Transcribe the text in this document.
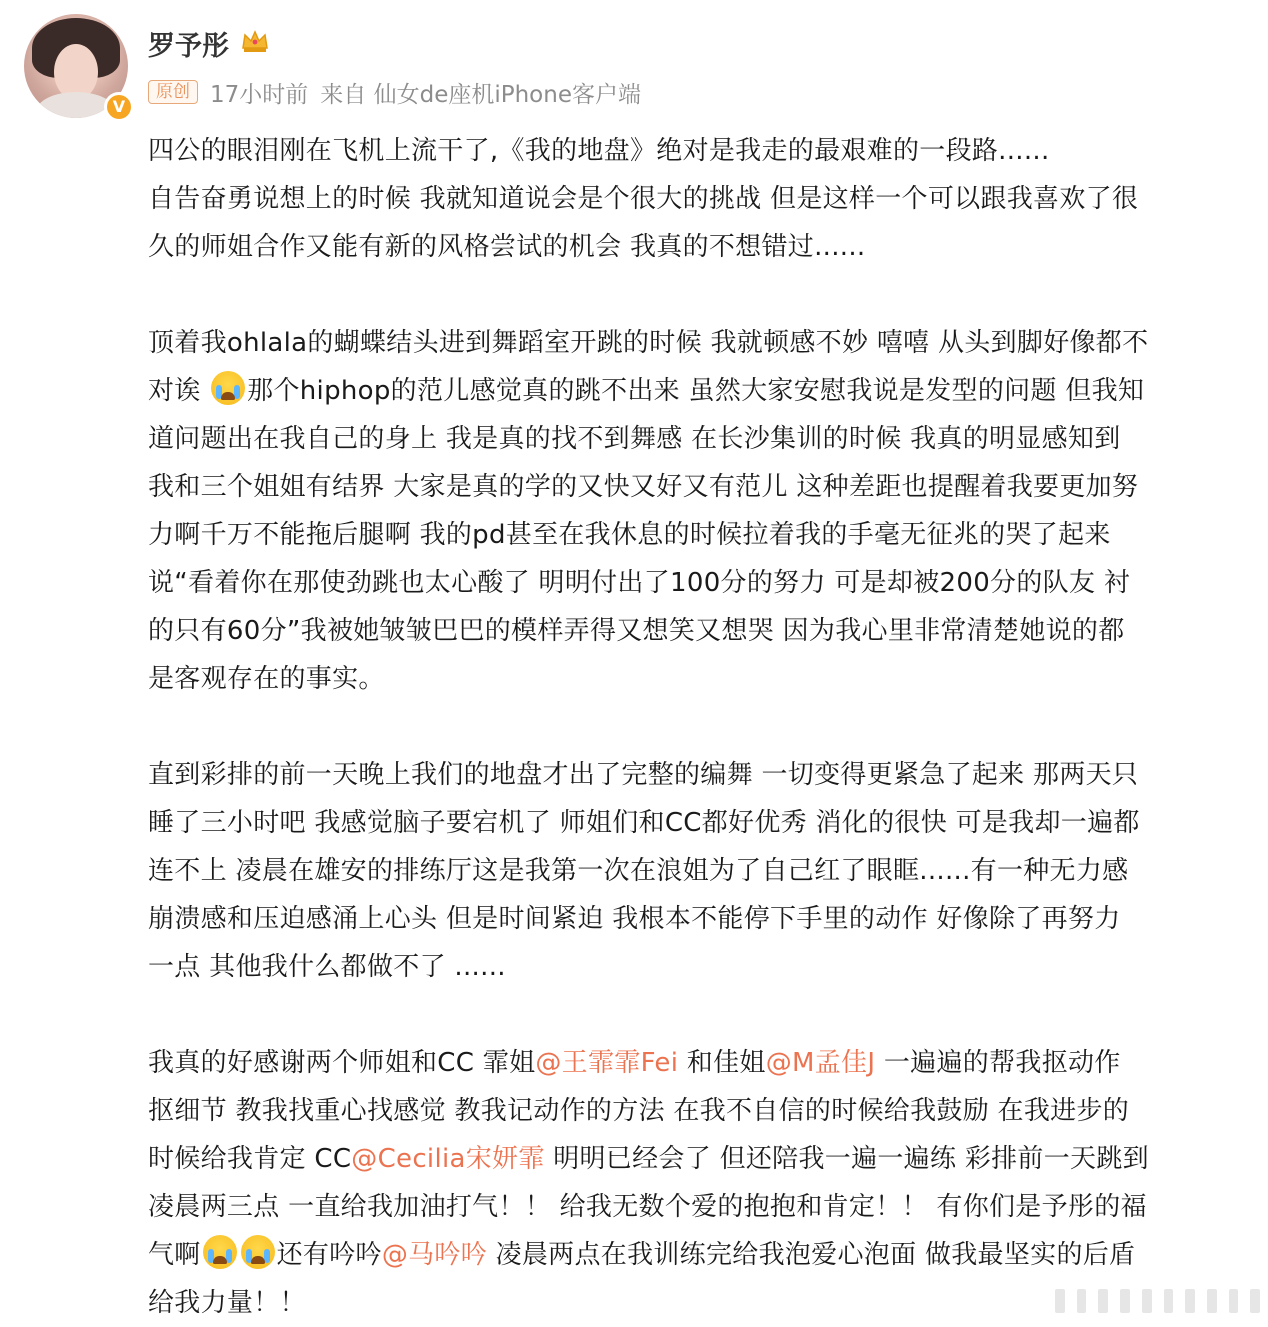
V
罗予彤
原创 17小时前 来自 仙女de座机iPhone客户端

四公的眼泪刚在飞机上流干了,《我的地盘》绝对是我走的最艰难的一段路......

自告奋勇说想上的时候 我就知道说会是个很大的挑战 但是这样一个可以跟我喜欢了很

久的师姐合作又能有新的风格尝试的机会 我真的不想错过......

顶着我ohlala的蝴蝶结头进到舞蹈室开跳的时候 我就顿感不妙 嘻嘻 从头到脚好像都不

对诶
那个hiphop的范儿感觉真的跳不出来 虽然大家安慰我说是发型的问题 但我知

道问题出在我自己的身上 我是真的找不到舞感 在长沙集训的时候 我真的明显感知到

我和三个姐姐有结界 大家是真的学的又快又好又有范儿 这种差距也提醒着我要更加努

力啊千万不能拖后腿啊 我的pd甚至在我休息的时候拉着我的手毫无征兆的哭了起来

说“看着你在那使劲跳也太心酸了 明明付出了100分的努力 可是却被200分的队友 衬

的只有60分”我被她皱皱巴巴的模样弄得又想笑又想哭 因为我心里非常清楚她说的都

是客观存在的事实。

直到彩排的前一天晚上我们的地盘才出了完整的编舞 一切变得更紧急了起来 那两天只

睡了三小时吧 我感觉脑子要宕机了 师姐们和CC都好优秀 消化的很快 可是我却一遍都

连不上 凌晨在雄安的排练厅这是我第一次在浪姐为了自己红了眼眶......有一种无力感

崩溃感和压迫感涌上心头 但是时间紧迫 我根本不能停下手里的动作 好像除了再努力

一点 其他我什么都做不了 ......

我真的好感谢两个师姐和CC 霏姐@王霏霏Fei 和佳姐@M孟佳J 一遍遍的帮我抠动作

抠细节 教我找重心找感觉 教我记动作的方法 在我不自信的时候给我鼓励 在我进步的

时候给我肯定 CC@Cecilia宋妍霏 明明已经会了 但还陪我一遍一遍练 彩排前一天跳到

凌晨两三点 一直给我加油打气！！ 给我无数个爱的抱抱和肯定！！ 有你们是予彤的福

气啊	还有吟吟@马吟吟 凌晨两点在我训练完给我泡爱心泡面 做我最坚实的后盾

给我力量！！
